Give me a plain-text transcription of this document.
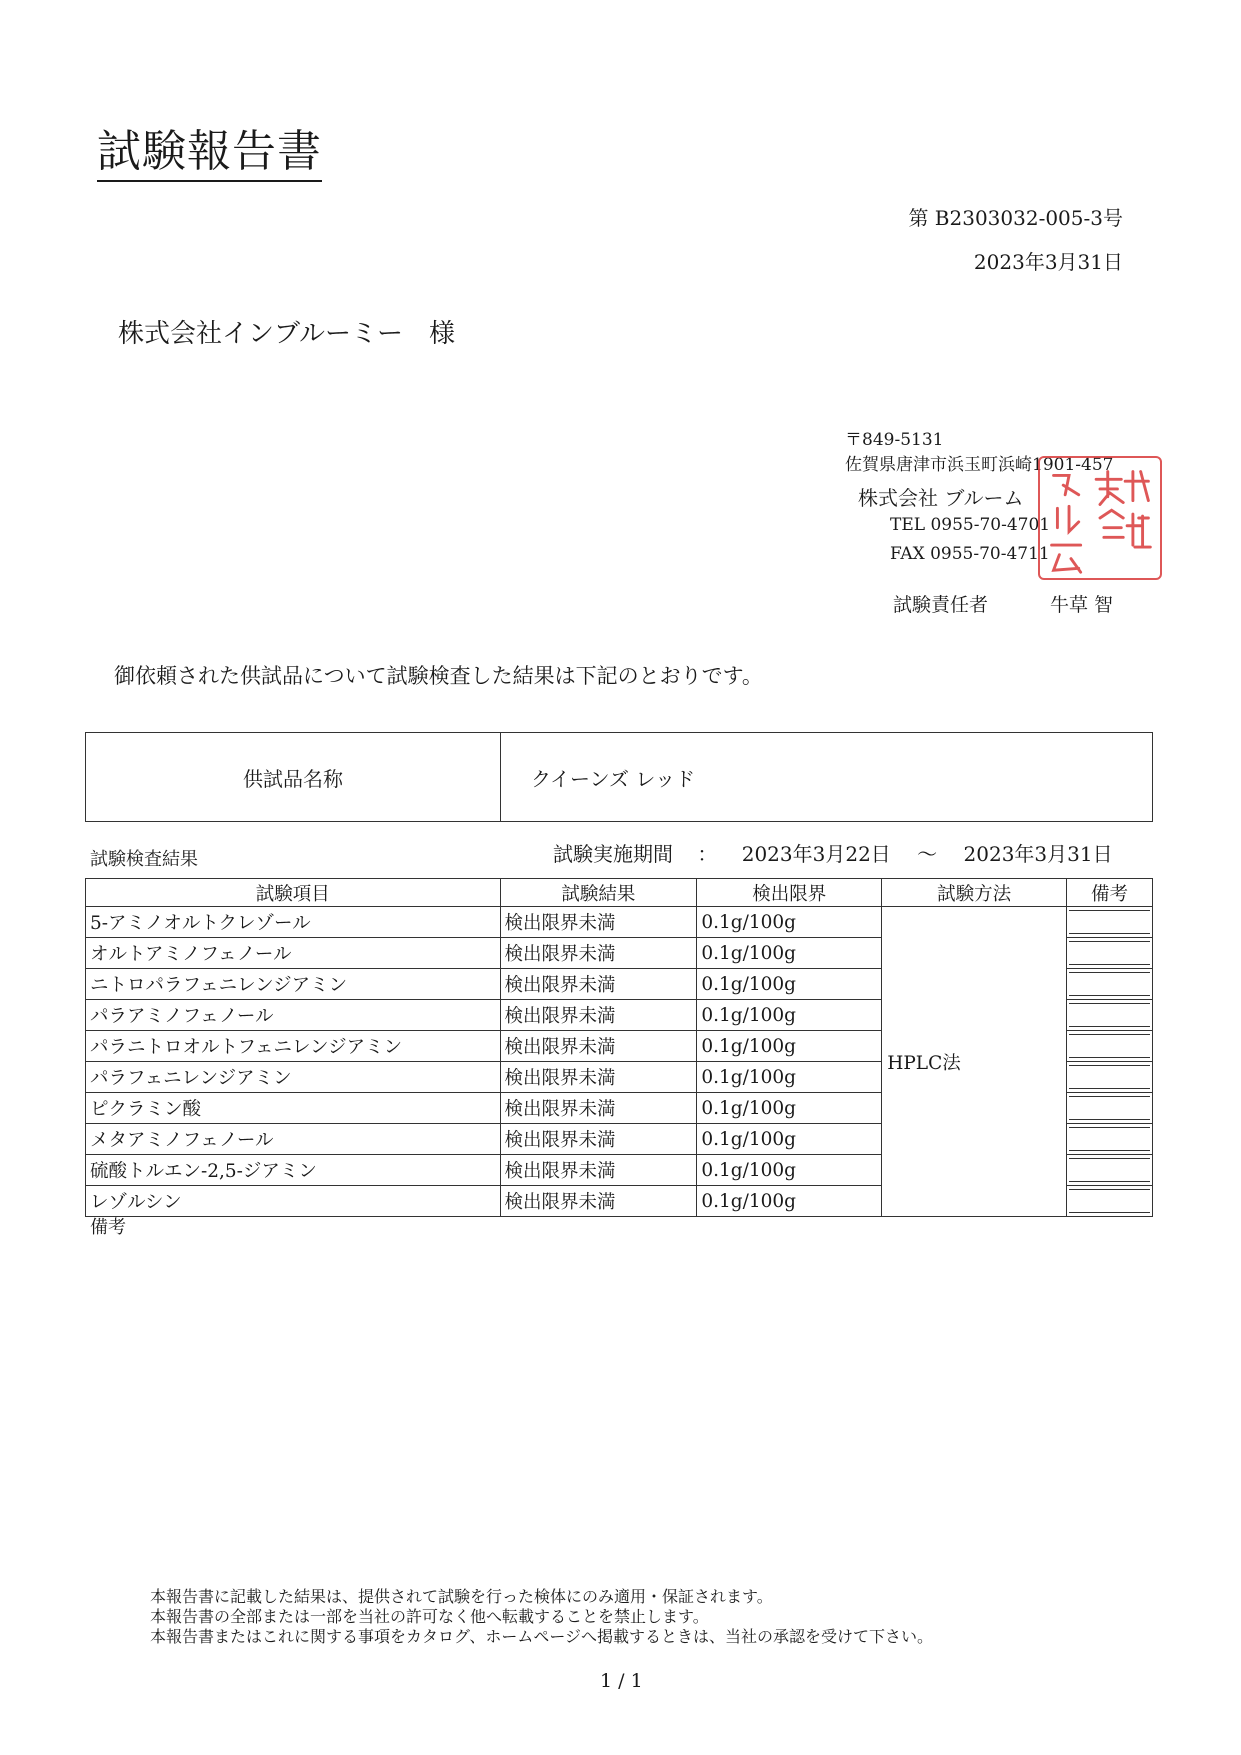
試験報告書
第 B2303032-005-3号
2023年3月31日
株式会社インブルーミー　様
〒849-5131
佐賀県唐津市浜玉町浜崎1901-457
株式会社 ブルーム
TEL 0955-70-4701
FAX 0955-70-4711
試験責任者	牛草 智
御依頼された供試品について試験検査した結果は下記のとおりです。
供試品名称	クイーンズ レッド
試験検査結果	試験実施期間 ： 2023年3月22日 ～ 2023年3月31日
試験項目	試験結果	検出限界	試験方法	備考
5-アミノオルトクレゾール	検出限界未満	0.1g/100g	HPLC法	

オルトアミノフェノール	検出限界未満	0.1g/100g		

ニトロパラフェニレンジアミン	検出限界未満	0.1g/100g		

パラアミノフェノール	検出限界未満	0.1g/100g		

パラニトロオルトフェニレンジアミン	検出限界未満	0.1g/100g		

パラフェニレンジアミン	検出限界未満	0.1g/100g		

ピクラミン酸	検出限界未満	0.1g/100g		

メタアミノフェノール	検出限界未満	0.1g/100g		

硫酸トルエン-2,5-ジアミン	検出限界未満	0.1g/100g		

レゾルシン	検出限界未満	0.1g/100g		
備考
本報告書に記載した結果は、提供されて試験を行った検体にのみ適用・保証されます。
本報告書の全部または一部を当社の許可なく他へ転載することを禁止します。
本報告書またはこれに関する事項をカタログ、ホームページへ掲載するときは、当社の承認を受けて下さい。
1 / 1
